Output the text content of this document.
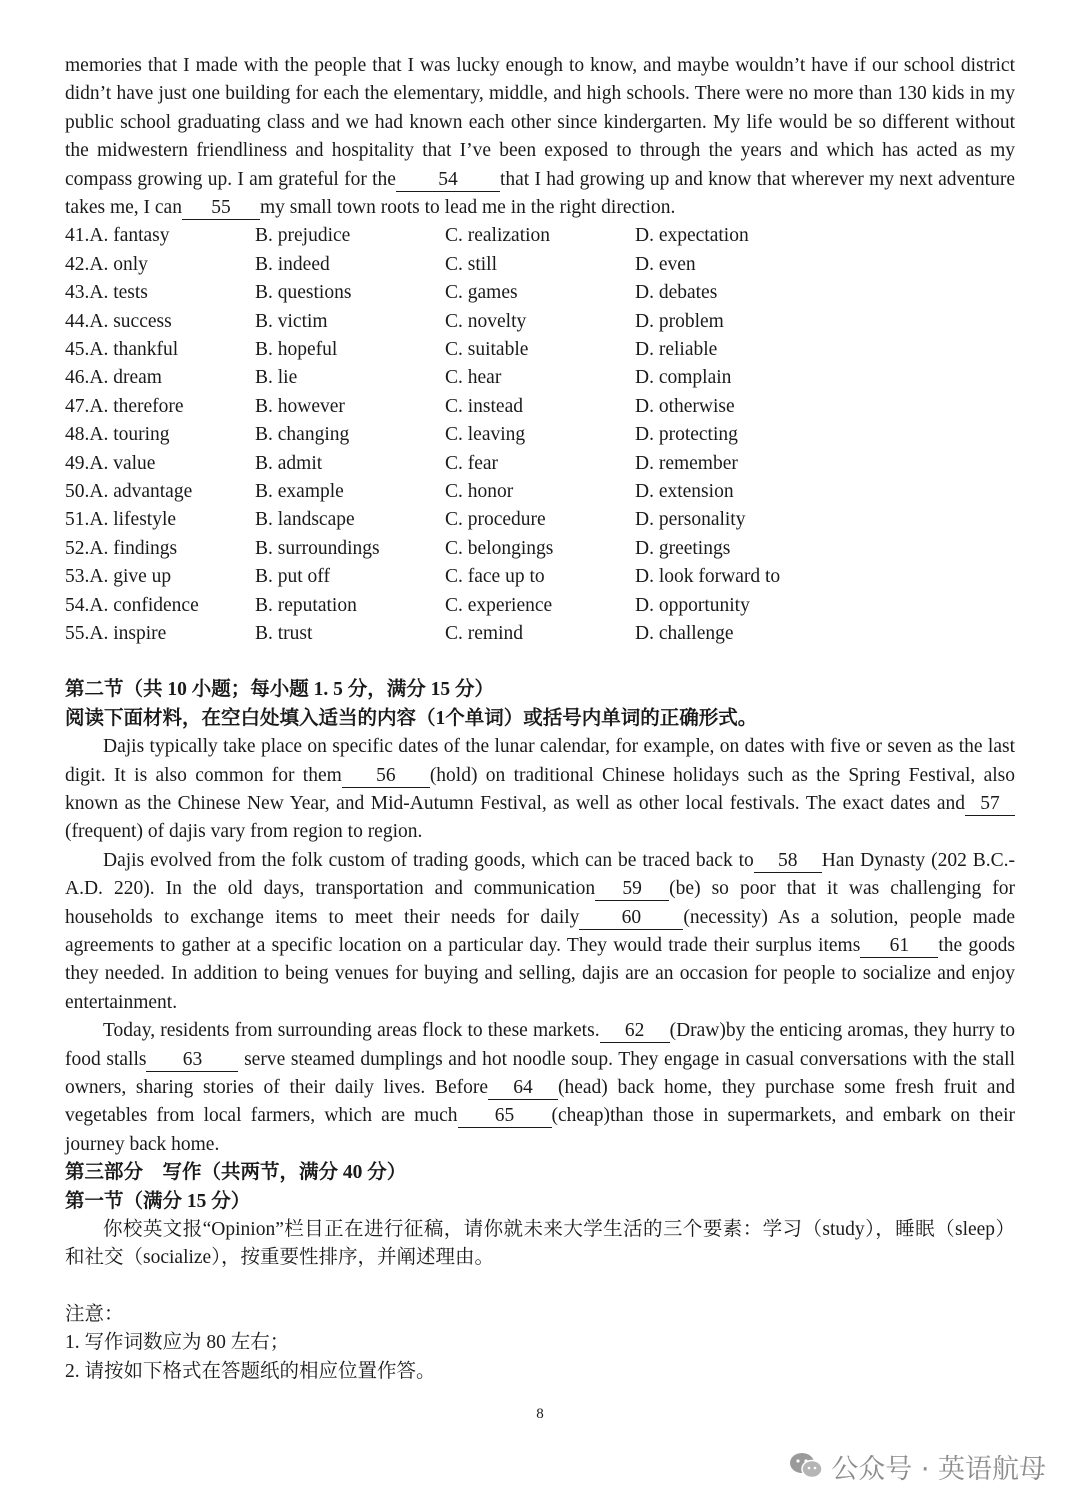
memories that I made with the people that I was lucky enough to know, and maybe wouldn’t have if our school district didn’t have just one building for each the elementary, middle, and high schools. There were no more than 130 kids in my public school graduating class and we had known each other since kindergarten. My life would be so different without the midwestern friendliness and hospitality that I’ve been exposed to through the years and which has acted as my compass growing up. I am grateful for the 54 that I had growing up and know that wherever my next adventure takes me, I can 55 my small town roots to lead me in the right direction.

41.A. fantasy	B. prejudice	C. realization	D. expectation
42.A. only	B. indeed	C. still	D. even
43.A. tests	B. questions	C. games	D. debates
44.A. success	B. victim	C. novelty	D. problem
45.A. thankful	B. hopeful	C. suitable	D. reliable
46.A. dream	B. lie	C. hear	D. complain
47.A. therefore	B. however	C. instead	D. otherwise
48.A. touring	B. changing	C. leaving	D. protecting
49.A. value	B. admit	C. fear	D. remember
50.A. advantage	B. example	C. honor	D. extension
51.A. lifestyle	B. landscape	C. procedure	D. personality
52.A. findings	B. surroundings	C. belongings	D. greetings
53.A. give up	B. put off	C. face up to	D. look forward to
54.A. confidence	B. reputation	C. experience	D. opportunity
55.A. inspire	B. trust	C. remind	D. challenge

第二节（共 10 小题；每小题 1. 5 分，满分 15 分）

阅读下面材料，在空白处填入适当的内容（1个单词）或括号内单词的正确形式。

Dajis typically take place on specific dates of the lunar calendar, for example, on dates with five or seven as the last digit. It is also common for them 56 (hold) on traditional Chinese holidays such as the Spring Festival, also known as the Chinese New Year, and Mid-Autumn Festival, as well as other local festivals. The exact dates and 57(frequent) of dajis vary from region to region.

Dajis evolved from the folk custom of trading goods, which can be traced back to 58 Han Dynasty (202 B.C.-A.D. 220). In the old days, transportation and communication 59 (be) so poor that it was challenging for households to exchange items to meet their needs for daily 60 (necessity) As a solution, people made agreements to gather at a specific location on a particular day. They would trade their surplus items 61 the goods they needed. In addition to being venues for buying and selling, dajis are an occasion for people to socialize and enjoy entertainment.

Today, residents from surrounding areas flock to these markets. 62 (Draw)by the enticing aromas, they hurry to food stalls 63 serve steamed dumplings and hot noodle soup. They engage in casual conversations with the stall owners, sharing stories of their daily lives. Before 64 (head) back home, they purchase some fresh fruit and vegetables from local farmers, which are much 65 (cheap)than those in supermarkets, and embark on their journey back home.

第三部分　写作（共两节，满分 40 分）

第一节（满分 15 分）

你校英文报“Opinion”栏目正在进行征稿，请你就未来大学生活的三个要素：学习（study），睡眠（sleep）和社交（socialize），按重要性排序，并阐述理由。

注意：

1. 写作词数应为 80 左右；

2. 请按如下格式在答题纸的相应位置作答。

8
公众号 · 英语航母
